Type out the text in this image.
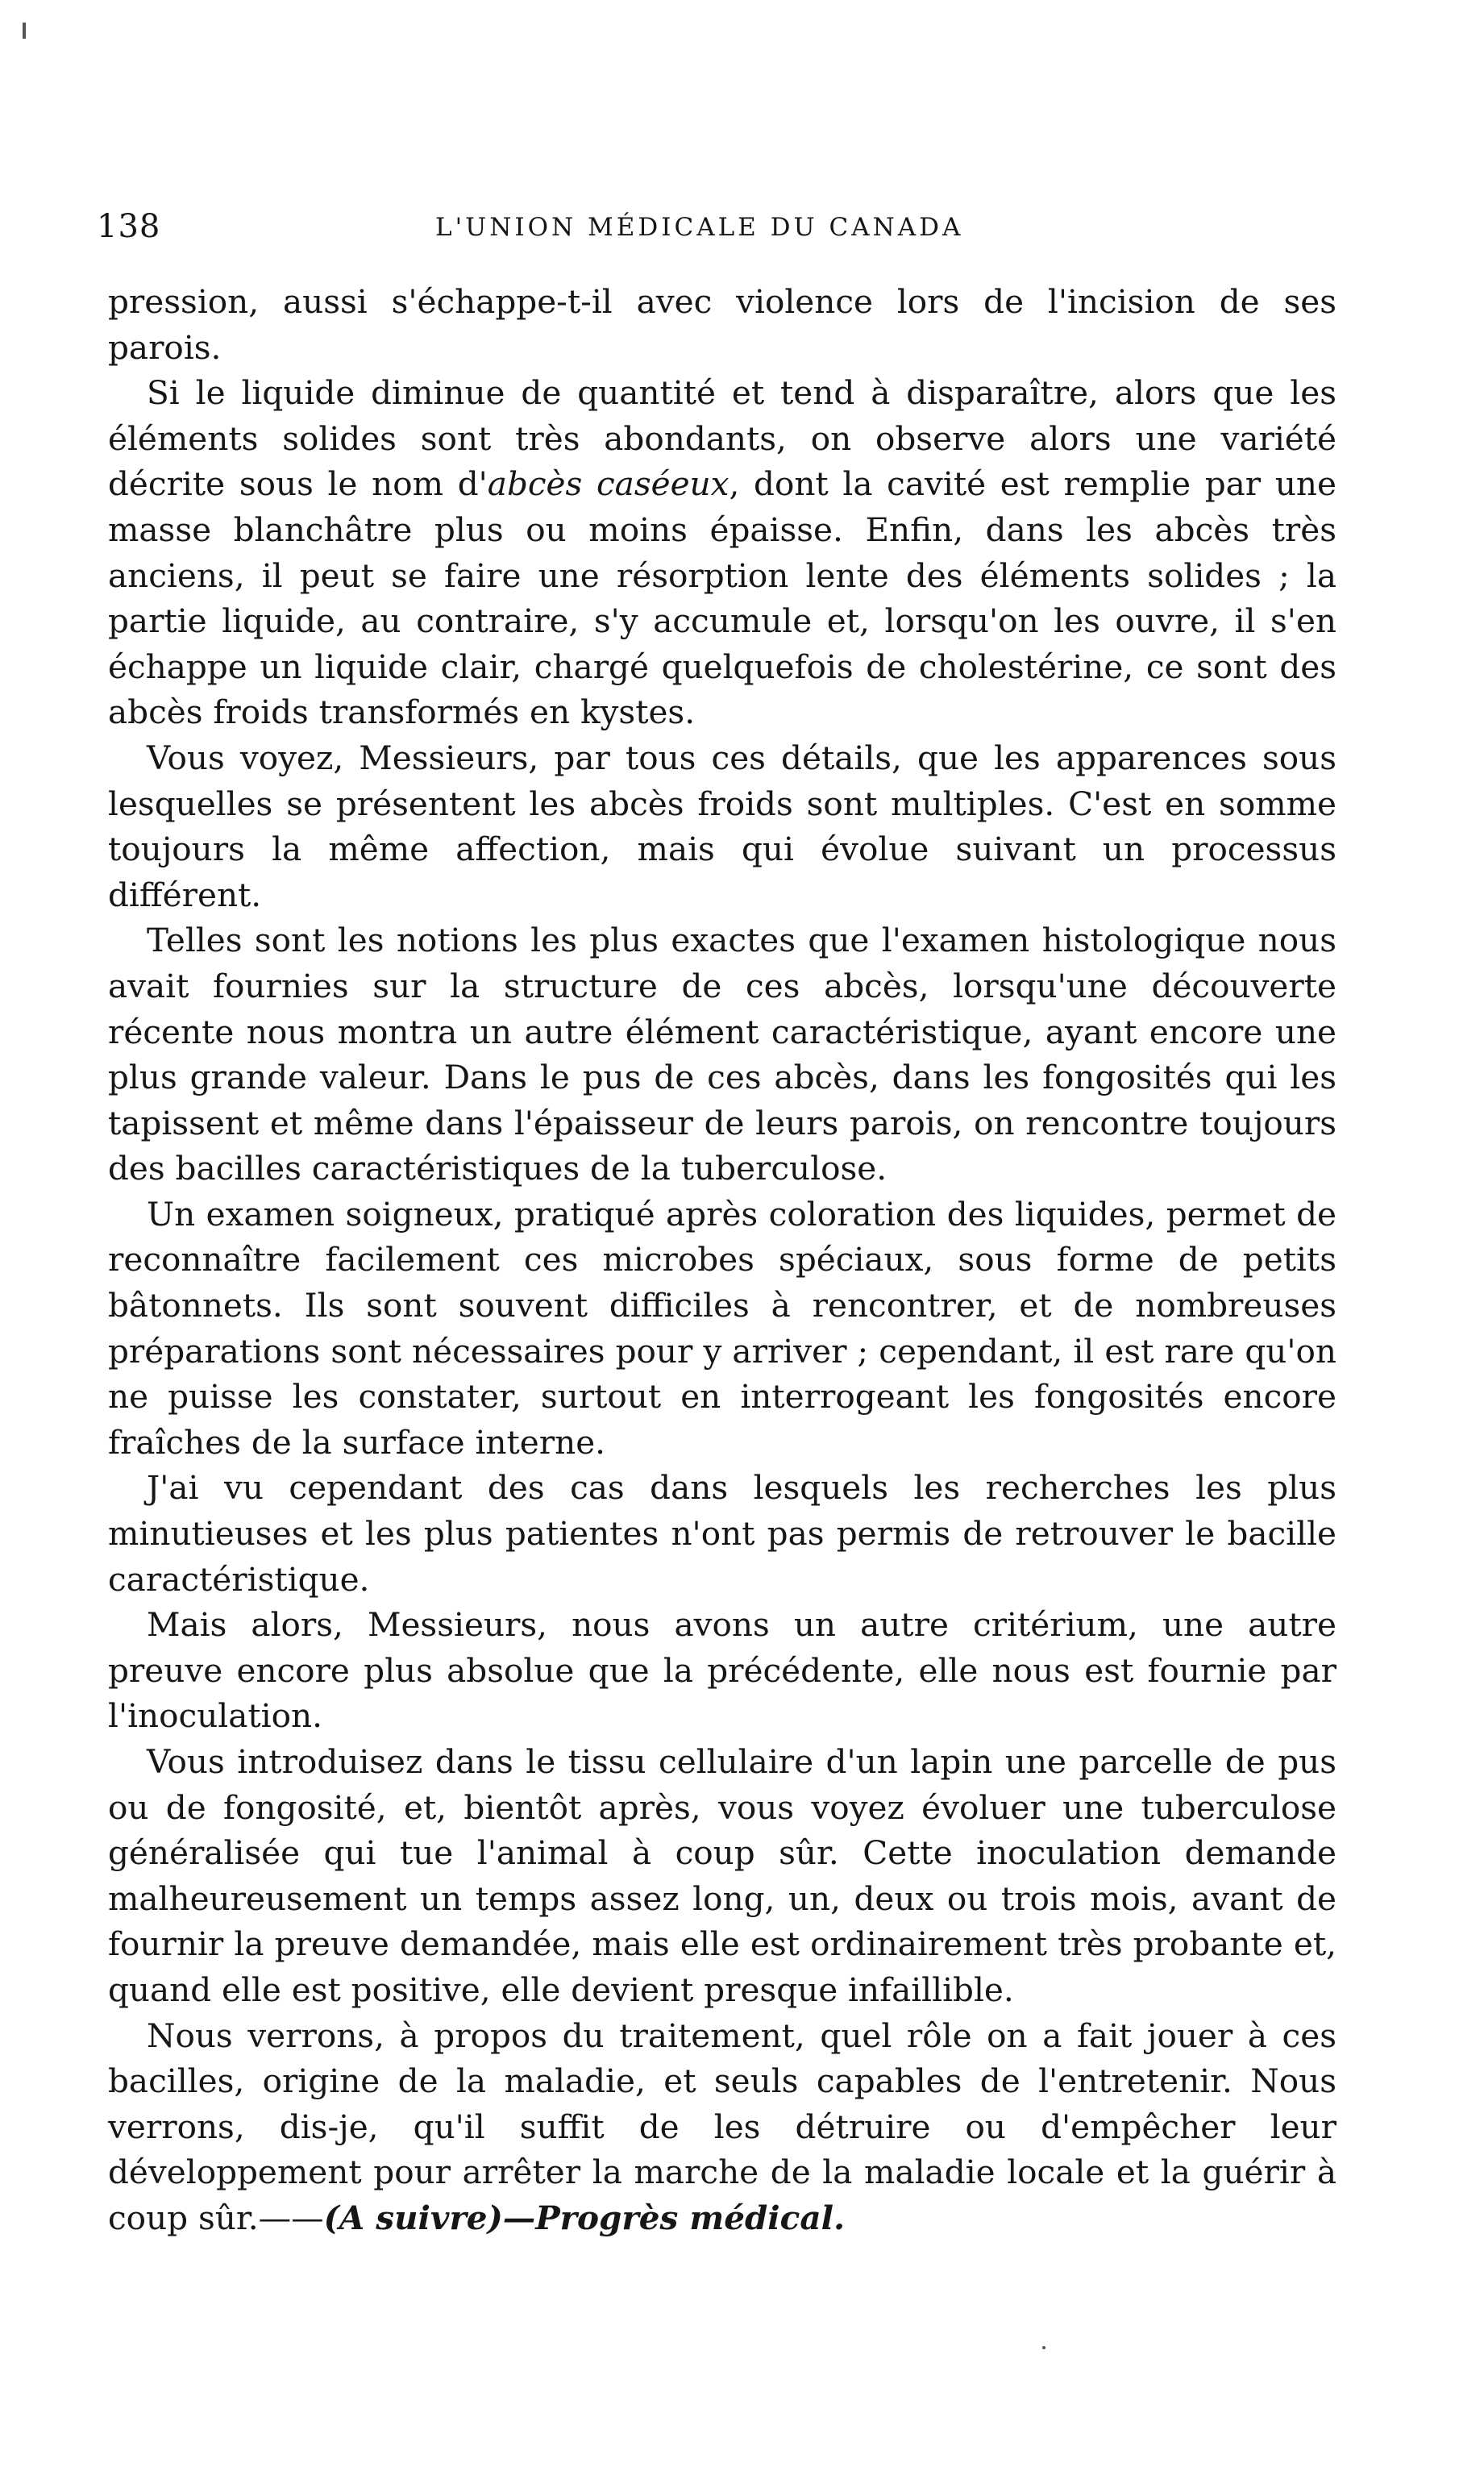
138	L'UNION MÉDICALE DU CANADA

pression, aussi s'échappe-t-il avec violence lors de l'incision de ses parois.

Si le liquide diminue de quantité et tend à disparaître, alors que les éléments solides sont très abondants, on observe alors une variété décrite sous le nom d'abcès caséeux, dont la cavité est remplie par une masse blanchâtre plus ou moins épaisse. Enfin, dans les abcès très anciens, il peut se faire une résorption lente des éléments solides ; la partie liquide, au contraire, s'y accumule et, lorsqu'on les ouvre, il s'en échappe un liquide clair, chargé quelquefois de cholestérine, ce sont des abcès froids transformés en kystes.

Vous voyez, Messieurs, par tous ces détails, que les apparences sous lesquelles se présentent les abcès froids sont multiples. C'est en somme toujours la même affection, mais qui évolue suivant un processus différent.

Telles sont les notions les plus exactes que l'examen histologique nous avait fournies sur la structure de ces abcès, lorsqu'une découverte récente nous montra un autre élément caractéristique, ayant encore une plus grande valeur. Dans le pus de ces abcès, dans les fongosités qui les tapissent et même dans l'épaisseur de leurs parois, on rencontre toujours des bacilles caractéristiques de la tuberculose.

Un examen soigneux, pratiqué après coloration des liquides, permet de reconnaître facilement ces microbes spéciaux, sous forme de petits bâtonnets. Ils sont souvent difficiles à rencontrer, et de nombreuses préparations sont nécessaires pour y arriver ; cependant, il est rare qu'on ne puisse les constater, surtout en interrogeant les fongosités encore fraîches de la surface interne.

J'ai vu cependant des cas dans lesquels les recherches les plus minutieuses et les plus patientes n'ont pas permis de retrouver le bacille caractéristique.

Mais alors, Messieurs, nous avons un autre critérium, une autre preuve encore plus absolue que la précédente, elle nous est fournie par l'inoculation.

Vous introduisez dans le tissu cellulaire d'un lapin une parcelle de pus ou de fongosité, et, bientôt après, vous voyez évoluer une tuberculose généralisée qui tue l'animal à coup sûr. Cette inoculation demande malheureusement un temps assez long, un, deux ou trois mois, avant de fournir la preuve demandée, mais elle est ordinairement très probante et, quand elle est positive, elle devient presque infaillible.

Nous verrons, à propos du traitement, quel rôle on a fait jouer à ces bacilles, origine de la maladie, et seuls capables de l'entretenir. Nous verrons, dis-je, qu'il suffit de les détruire ou d'empêcher leur développement pour arrêter la marche de la maladie locale et la guérir à coup sûr.——(A suivre)—Progrès médical.
